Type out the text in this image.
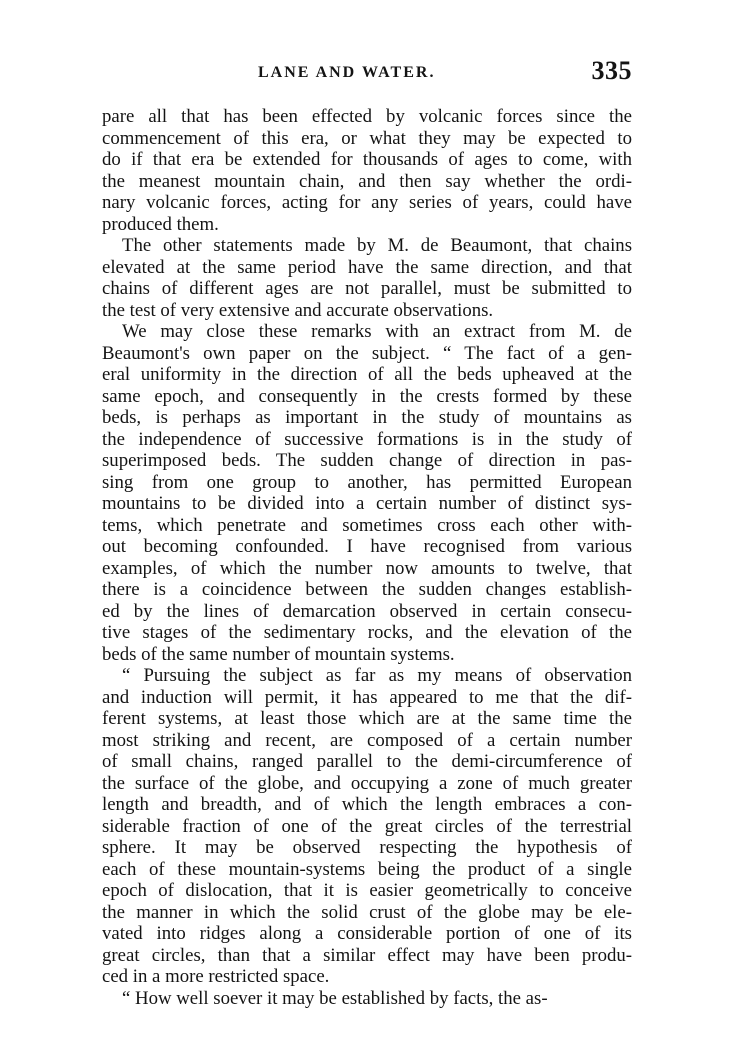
LANE AND WATER.	335
pare all that has been effected by volcanic forces since the
commencement of this era, or what they may be expected to
do if that era be extended for thousands of ages to come, with
the meanest mountain chain, and then say whether the ordi-
nary volcanic forces, acting for any series of years, could have
produced them.
The other statements made by M. de Beaumont, that chains
elevated at the same period have the same direction, and that
chains of different ages are not parallel, must be submitted to
the test of very extensive and accurate observations.
We may close these remarks with an extract from M. de
Beaumont's own paper on the subject. “ The fact of a gen-
eral uniformity in the direction of all the beds upheaved at the
same epoch, and consequently in the crests formed by these
beds, is perhaps as important in the study of mountains as
the independence of successive formations is in the study of
superimposed beds. The sudden change of direction in pas-
sing from one group to another, has permitted European
mountains to be divided into a certain number of distinct sys-
tems, which penetrate and sometimes cross each other with-
out becoming confounded. I have recognised from various
examples, of which the number now amounts to twelve, that
there is a coincidence between the sudden changes establish-
ed by the lines of demarcation observed in certain consecu-
tive stages of the sedimentary rocks, and the elevation of the
beds of the same number of mountain systems.
“ Pursuing the subject as far as my means of observation
and induction will permit, it has appeared to me that the dif-
ferent systems, at least those which are at the same time the
most striking and recent, are composed of a certain number
of small chains, ranged parallel to the demi-circumference of
the surface of the globe, and occupying a zone of much greater
length and breadth, and of which the length embraces a con-
siderable fraction of one of the great circles of the terrestrial
sphere. It may be observed respecting the hypothesis of
each of these mountain-systems being the product of a single
epoch of dislocation, that it is easier geometrically to conceive
the manner in which the solid crust of the globe may be ele-
vated into ridges along a considerable portion of one of its
great circles, than that a similar effect may have been produ-
ced in a more restricted space.
“ How well soever it may be established by facts, the as-
